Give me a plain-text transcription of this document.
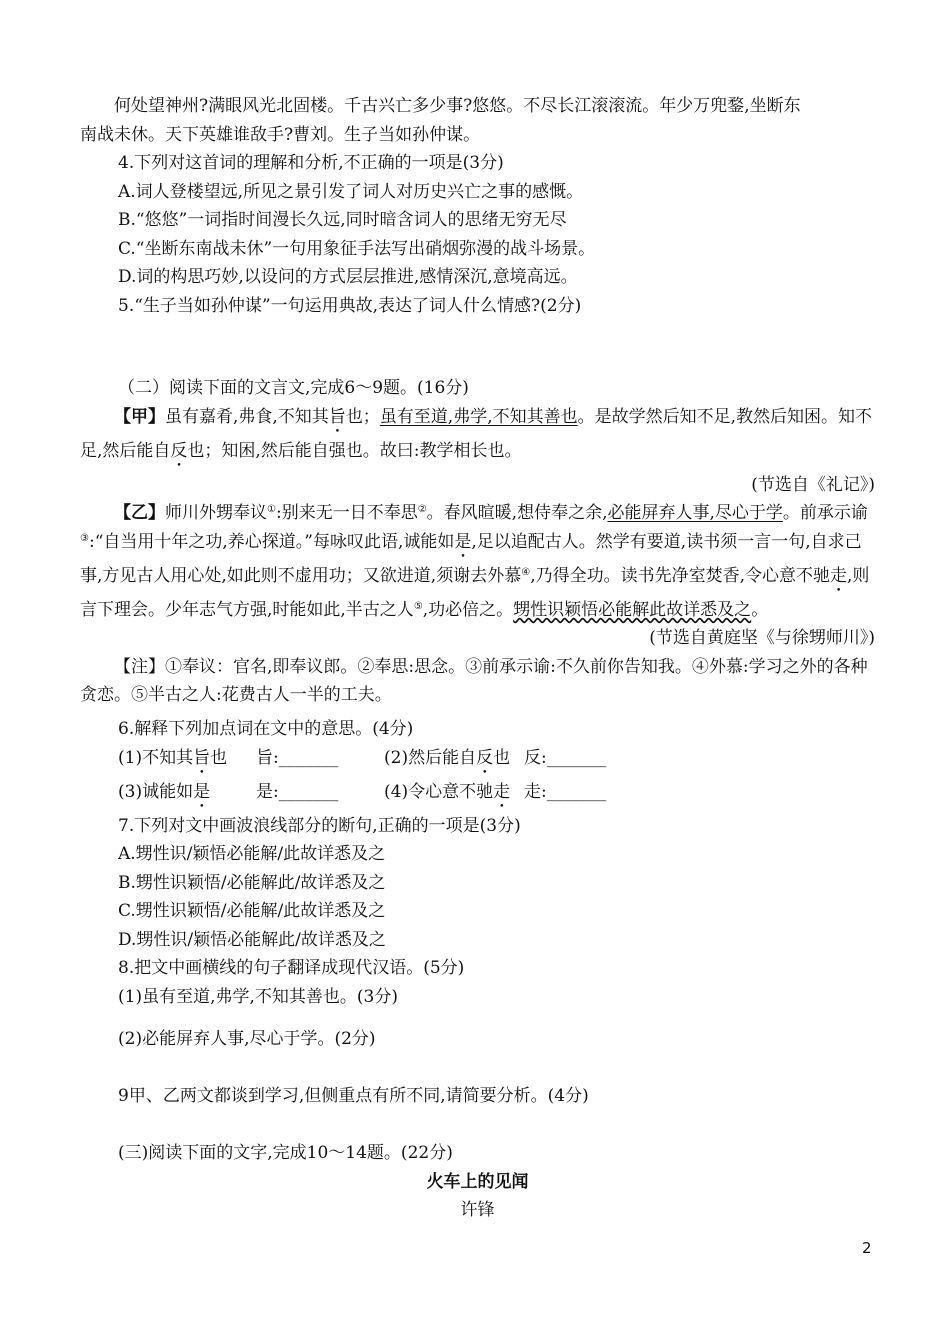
何处望神州?满眼风光北固楼。千古兴亡多少事?悠悠。不尽长江滚滚流。年少万兜鍪,坐断东

南战未休。天下英雄谁敌手?曹刘。生子当如孙仲谋。

4.下列对这首词的理解和分析,不正确的一项是(3分)

A.词人登楼望远,所见之景引发了词人对历史兴亡之事的感慨。

B.“悠悠”一词指时间漫长久远,同时暗含词人的思绪无穷无尽

C.“坐断东南战未休”一句用象征手法写出硝烟弥漫的战斗场景。

D.词的构思巧妙,以设问的方式层层推进,感情深沉,意境高远。

5.“生子当如孙仲谋”一句运用典故,表达了词人什么情感?(2分)

（二）阅读下面的文言文,完成6～9题。(16分)

【甲】虽有嘉肴,弗食,不知其旨也；虽有至道,弗学,不知其善也。是故学然后知不足,教然后知困。知不足,然后能自反也；知困,然后能自强也。故曰:教学相长也。

(节选自《礼记》)

【乙】师川外甥奉议①:别来无一日不奉思②。春风暄暖,想侍奉之余,必能屏弃人事,尽心于学。前承示谕③:“自当用十年之功,养心探道。”每咏叹此语,诚能如是,足以追配古人。然学有要道,读书须一言一句,自求己事,方见古人用心处,如此则不虚用功；又欲进道,须谢去外慕④,乃得全功。读书先净室焚香,令心意不驰走,则言下理会。少年志气方强,时能如此,半古之人⑤,功必倍之。甥性识颖悟必能解此故详悉及之。

(节选自黄庭坚《与徐甥师川》)

【注】①奉议：官名,即奉议郎。②奉思:思念。③前承示谕:不久前你告知我。④外慕:学习之外的各种贪恋。⑤半古之人:花费古人一半的工夫。

6.解释下列加点词在文中的意思。(4分)

(1)不知其旨也	旨:_______	(2)然后能自反也 反:_______
(3)诚能如是	是:_______	(4)令心意不驰走 走:_______

7.下列对文中画波浪线部分的断句,正确的一项是(3分)

A.甥性识/颖悟必能解/此故详悉及之

B.甥性识颖悟/必能解此/故详悉及之

C.甥性识颖悟/必能解/此故详悉及之

D.甥性识/颖悟必能解此/故详悉及之

8.把文中画横线的句子翻译成现代汉语。(5分)

(1)虽有至道,弗学,不知其善也。(3分)

(2)必能屏弃人事,尽心于学。(2分)

9甲、乙两文都谈到学习,但侧重点有所不同,请简要分析。(4分)

(三)阅读下面的文字,完成10～14题。(22分)

火车上的见闻

许锋

2
